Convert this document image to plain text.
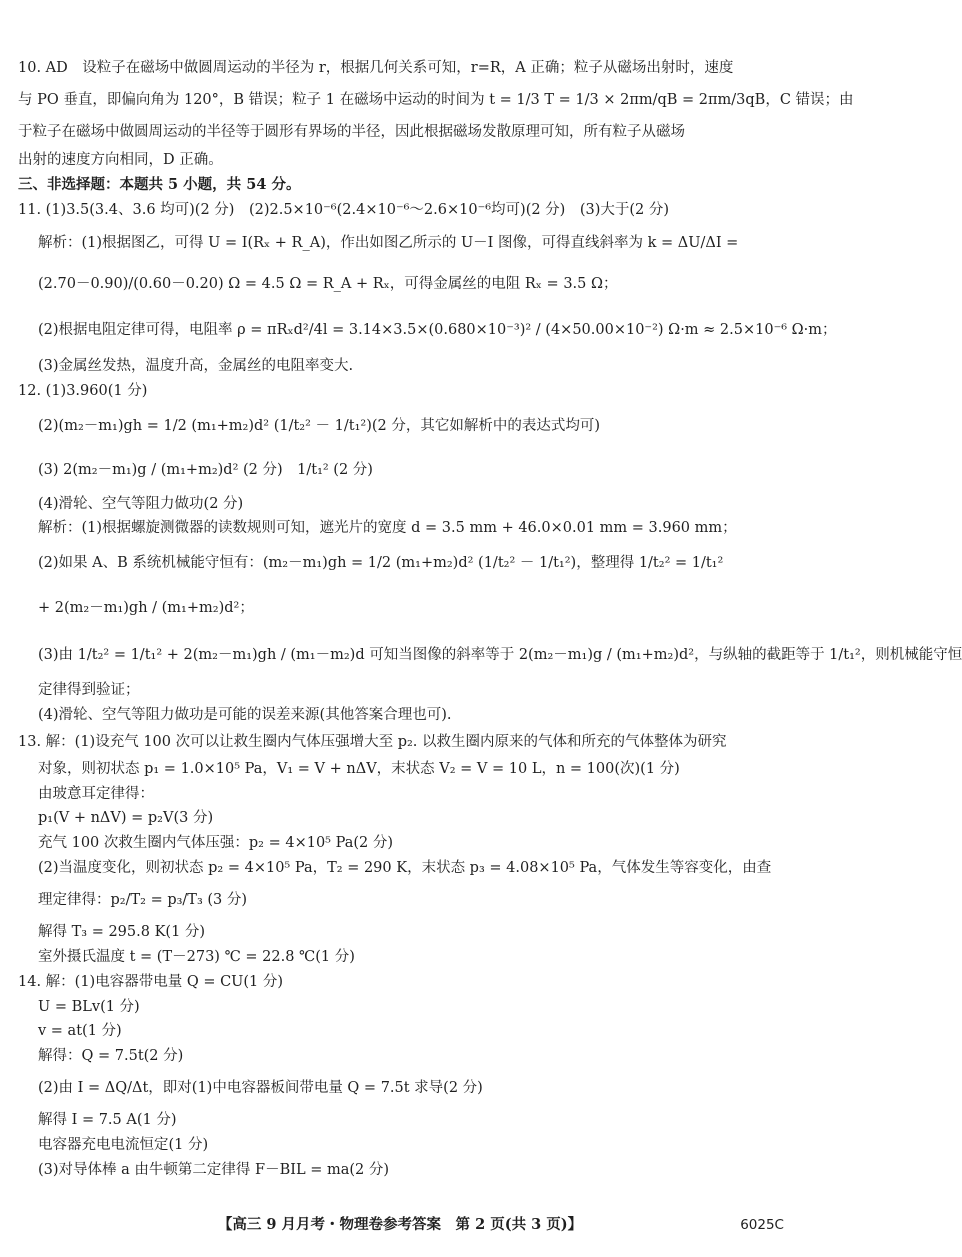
10. AD　设粒子在磁场中做圆周运动的半径为 r，根据几何关系可知，r=R，A 正确；粒子从磁场出射时，速度
与 PO 垂直，即偏向角为 120°，B 错误；粒子 1 在磁场中运动的时间为 t = 1/3 T = 1/3 × 2πm/qB = 2πm/3qB，C 错误；由
于粒子在磁场中做圆周运动的半径等于圆形有界场的半径，因此根据磁场发散原理可知，所有粒子从磁场
出射的速度方向相同，D 正确。
三、非选择题：本题共 5 小题，共 54 分。
11. (1)3.5(3.4、3.6 均可)(2 分)　(2)2.5×10⁻⁶(2.4×10⁻⁶～2.6×10⁻⁶均可)(2 分)　(3)大于(2 分)
解析：(1)根据图乙，可得 U = I(Rₓ + R_A)，作出如图乙所示的 U－I 图像，可得直线斜率为 k = ΔU/ΔI =
(2.70－0.90)/(0.60－0.20) Ω = 4.5 Ω = R_A + Rₓ，可得金属丝的电阻 Rₓ = 3.5 Ω；
(2)根据电阻定律可得，电阻率 ρ = πRₓd²/4l = 3.14×3.5×(0.680×10⁻³)² / (4×50.00×10⁻²) Ω·m ≈ 2.5×10⁻⁶ Ω·m；
(3)金属丝发热，温度升高，金属丝的电阻率变大.
12. (1)3.960(1 分)
(2)(m₂－m₁)gh = 1/2 (m₁+m₂)d² (1/t₂² － 1/t₁²)(2 分，其它如解析中的表达式均可)
(3) 2(m₂－m₁)g / (m₁+m₂)d² (2 分)　1/t₁² (2 分)
(4)滑轮、空气等阻力做功(2 分)
解析：(1)根据螺旋测微器的读数规则可知，遮光片的宽度 d = 3.5 mm + 46.0×0.01 mm = 3.960 mm；
(2)如果 A、B 系统机械能守恒有：(m₂－m₁)gh = 1/2 (m₁+m₂)d² (1/t₂² － 1/t₁²)，整理得 1/t₂² = 1/t₁²
+ 2(m₂－m₁)gh / (m₁+m₂)d²；
(3)由 1/t₂² = 1/t₁² + 2(m₂－m₁)gh / (m₁－m₂)d 可知当图像的斜率等于 2(m₂－m₁)g / (m₁+m₂)d²，与纵轴的截距等于 1/t₁²，则机械能守恒
定律得到验证；
(4)滑轮、空气等阻力做功是可能的误差来源(其他答案合理也可).
13. 解：(1)设充气 100 次可以让救生圈内气体压强增大至 p₂. 以救生圈内原来的气体和所充的气体整体为研究
对象，则初状态 p₁ = 1.0×10⁵ Pa，V₁ = V + nΔV，末状态 V₂ = V = 10 L，n = 100(次)(1 分)
由玻意耳定律得：
p₁(V + nΔV) = p₂V(3 分)
充气 100 次救生圈内气体压强：p₂ = 4×10⁵ Pa(2 分)
(2)当温度变化，则初状态 p₂ = 4×10⁵ Pa，T₂ = 290 K，末状态 p₃ = 4.08×10⁵ Pa，气体发生等容变化，由查
理定律得：p₂/T₂ = p₃/T₃ (3 分)
解得 T₃ = 295.8 K(1 分)
室外摄氏温度 t = (T－273) ℃ = 22.8 ℃(1 分)
14. 解：(1)电容器带电量 Q = CU(1 分)
U = BLv(1 分)
v = at(1 分)
解得：Q = 7.5t(2 分)
(2)由 I = ΔQ/Δt，即对(1)中电容器板间带电量 Q = 7.5t 求导(2 分)
解得 I = 7.5 A(1 分)
电容器充电电流恒定(1 分)
(3)对导体棒 a 由牛顿第二定律得 F－BIL = ma(2 分)
【高三 9 月月考・物理卷参考答案　第 2 页(共 3 页)】	6025C
